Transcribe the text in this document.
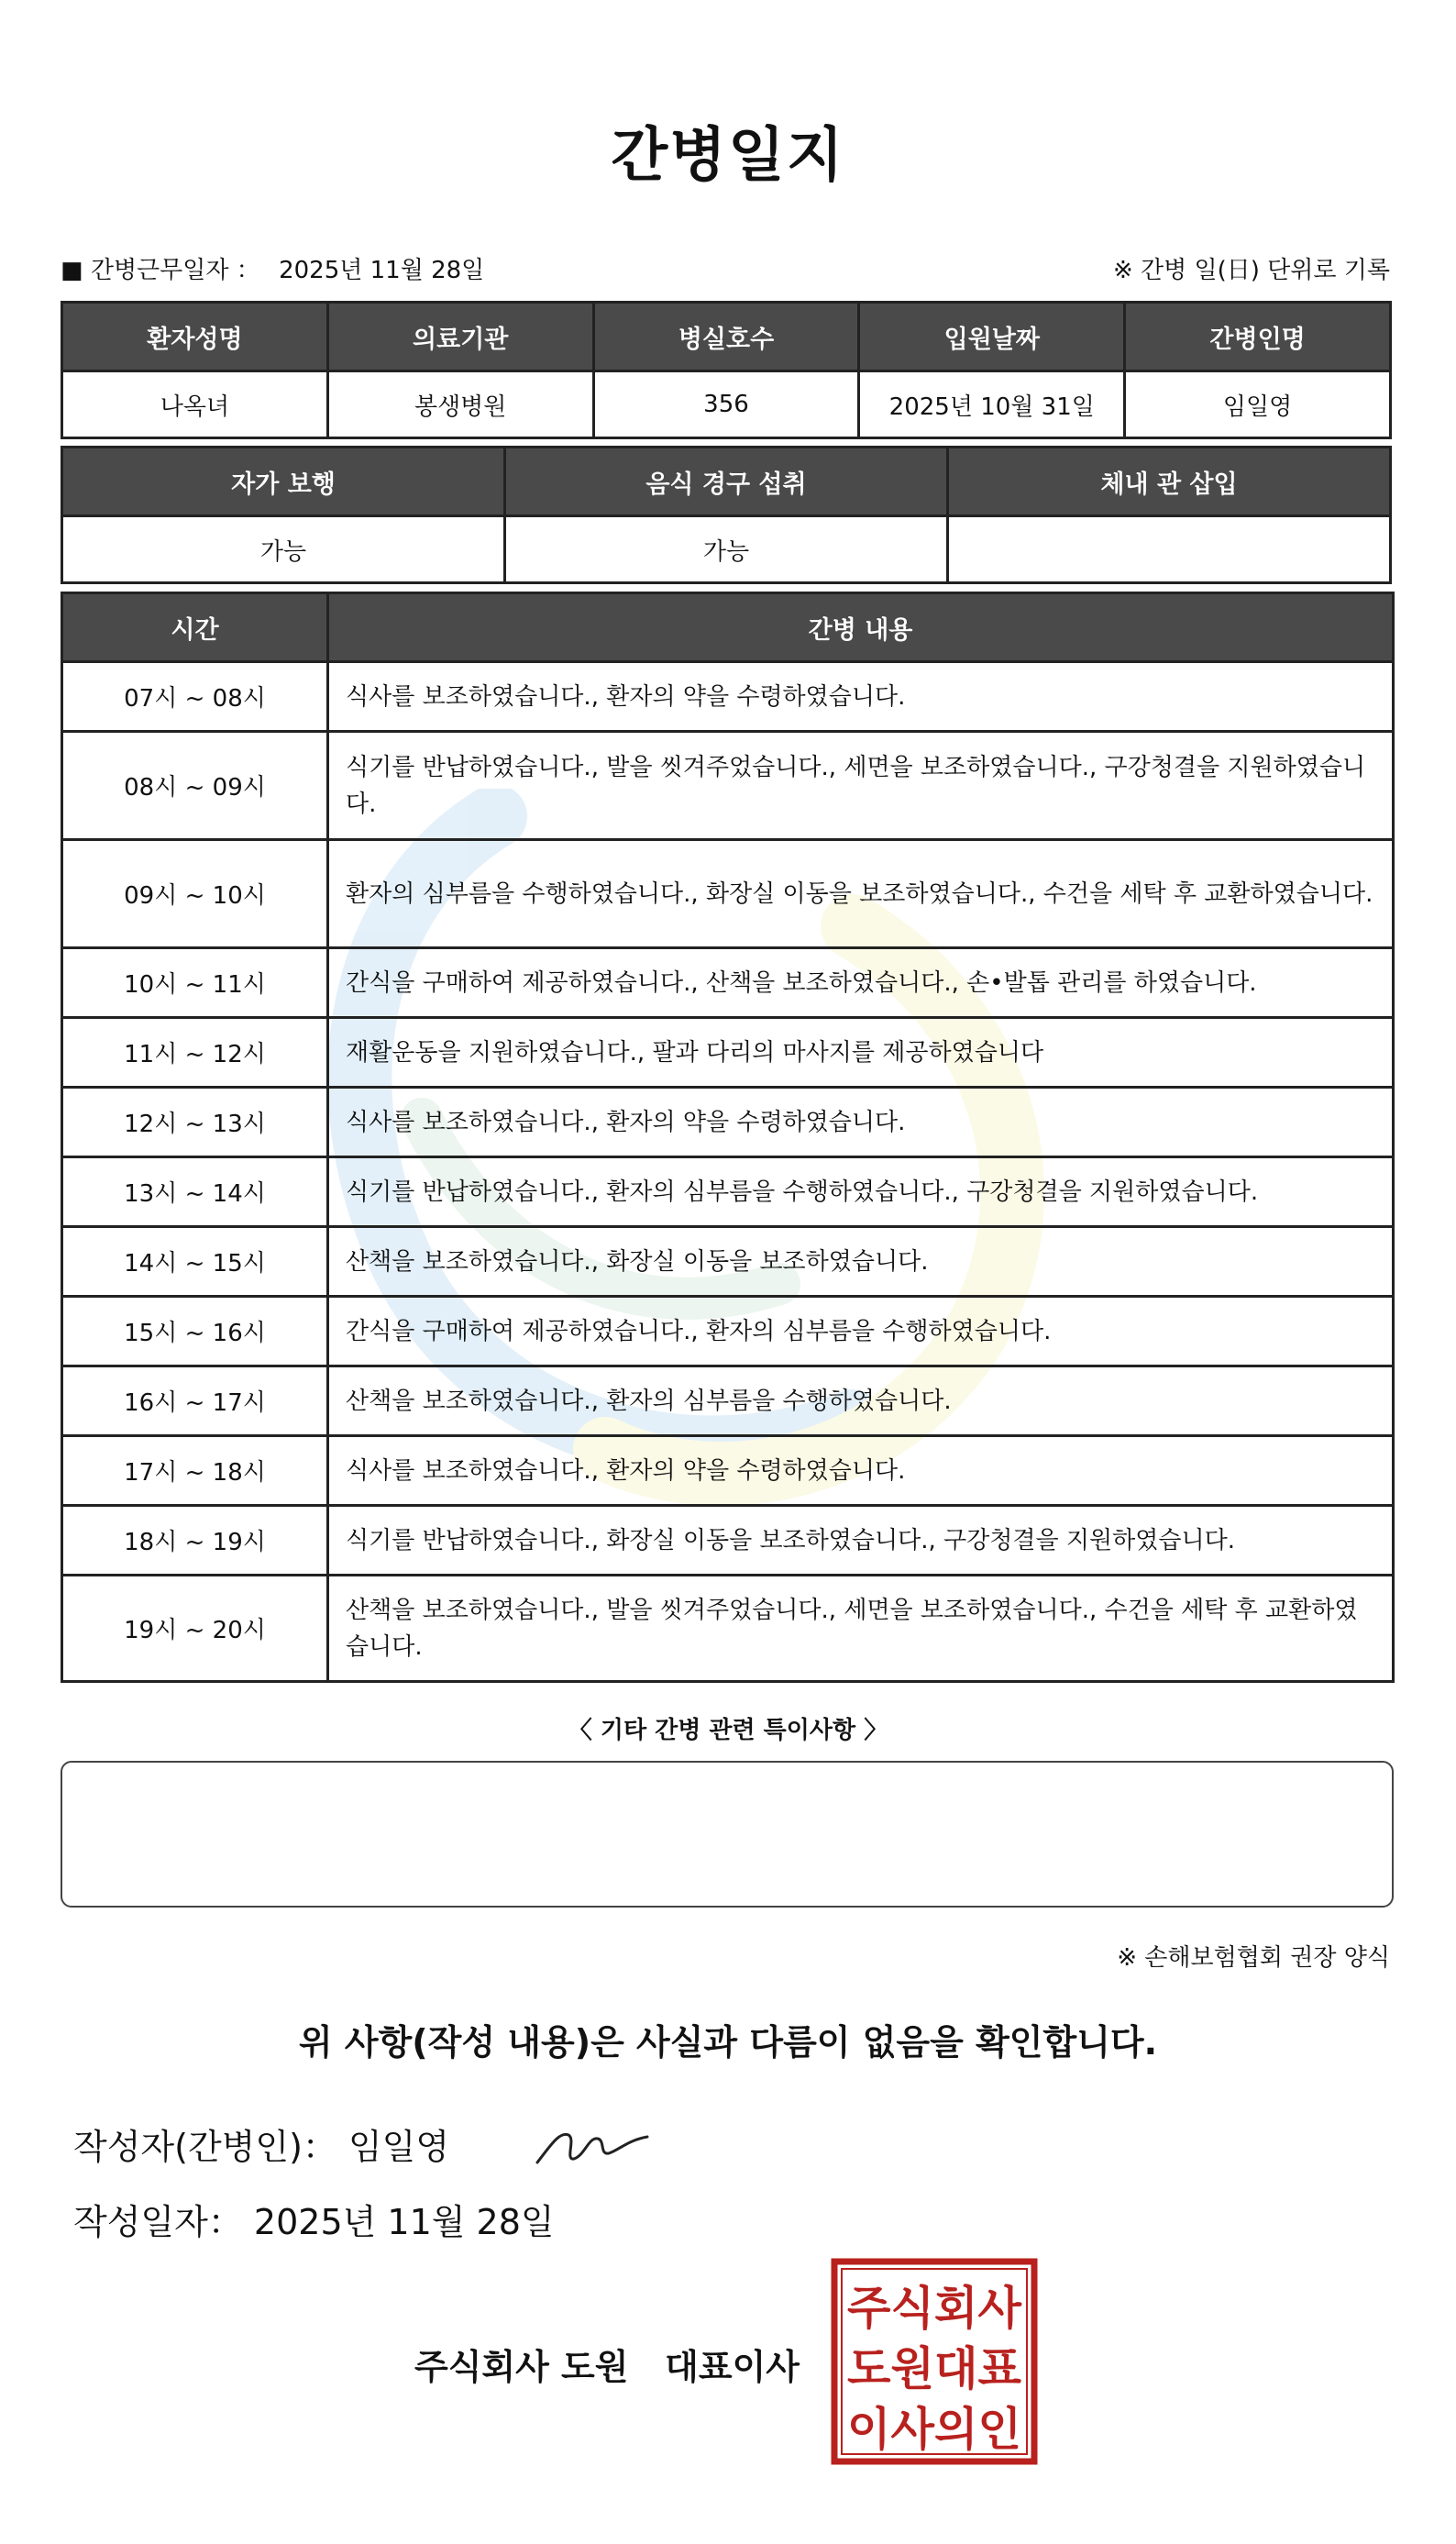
간병일지
■ 간병근무일자 ： 2025년 11월 28일	※ 간병 일(日) 단위로 기록
환자성명	의료기관	병실호수	입원날짜	간병인명
나옥녀	봉생병원	356	2025년 10월 31일	임일영
자가 보행	음식 경구 섭취	체내 관 삽입
가능	가능	
시간	간병 내용
07시 ~ 08시	식사를 보조하였습니다., 환자의 약을 수령하였습니다.
08시 ~ 09시	식기를 반납하였습니다., 발을 씻겨주었습니다., 세면을 보조하였습니다., 구강청결을 지원하였습니다.
09시 ~ 10시	환자의 심부름을 수행하였습니다., 화장실 이동을 보조하였습니다., 수건을 세탁 후 교환하였습니다.
10시 ~ 11시	간식을 구매하여 제공하였습니다., 산책을 보조하였습니다., 손•발톱 관리를 하였습니다.
11시 ~ 12시	재활운동을 지원하였습니다., 팔과 다리의 마사지를 제공하였습니다
12시 ~ 13시	식사를 보조하였습니다., 환자의 약을 수령하였습니다.
13시 ~ 14시	식기를 반납하였습니다., 환자의 심부름을 수행하였습니다., 구강청결을 지원하였습니다.
14시 ~ 15시	산책을 보조하였습니다., 화장실 이동을 보조하였습니다.
15시 ~ 16시	간식을 구매하여 제공하였습니다., 환자의 심부름을 수행하였습니다.
16시 ~ 17시	산책을 보조하였습니다., 환자의 심부름을 수행하였습니다.
17시 ~ 18시	식사를 보조하였습니다., 환자의 약을 수령하였습니다.
18시 ~ 19시	식기를 반납하였습니다., 화장실 이동을 보조하였습니다., 구강청결을 지원하였습니다.
19시 ~ 20시	산책을 보조하였습니다., 발을 씻겨주었습니다., 세면을 보조하였습니다., 수건을 세탁 후 교환하였습니다.
〈 기타 간병 관련 특이사항 〉
※ 손해보험협회 권장 양식
위 사항(작성 내용)은 사실과 다름이 없음을 확인합니다.
작성자(간병인)： 임일영
작성일자： 2025년 11월 28일
주식회사 도원   대표이사
주식회사
도원대표
이사의인
